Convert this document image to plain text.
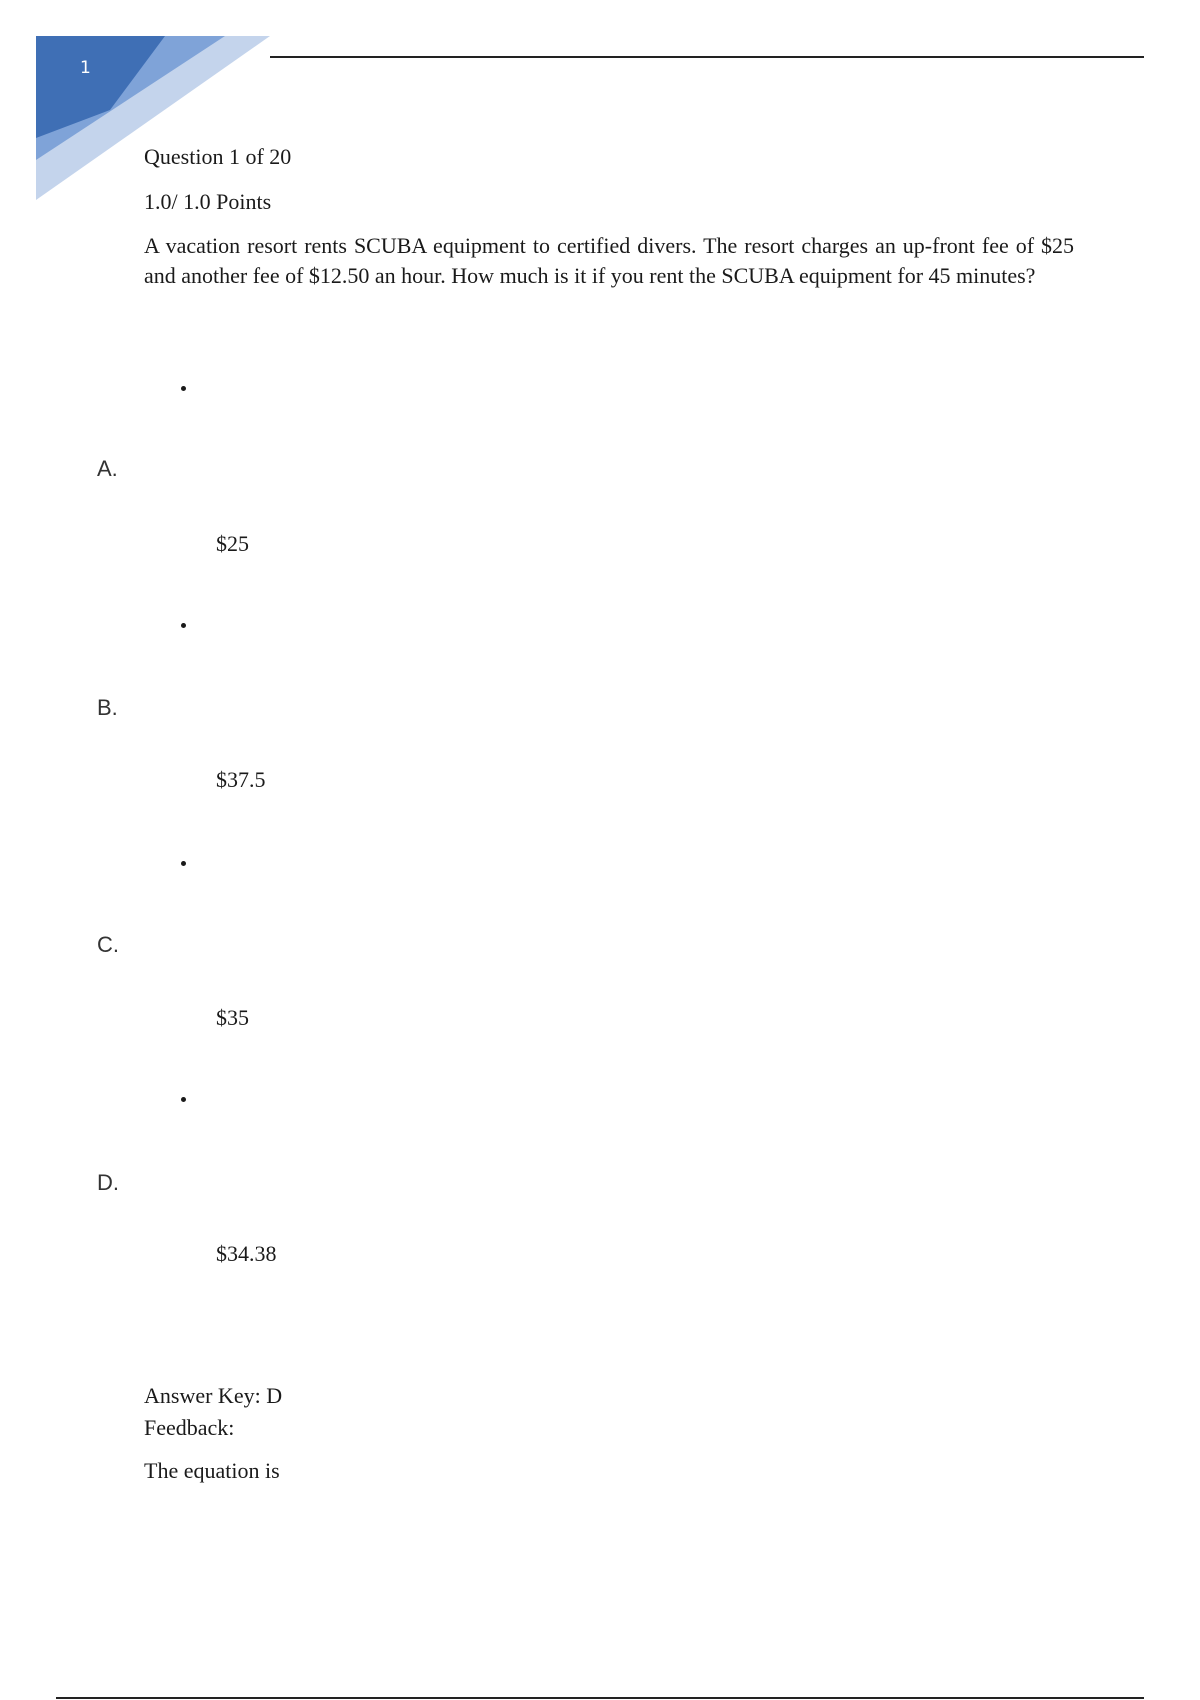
1
Question 1 of 20
1.0/ 1.0 Points
A vacation resort rents SCUBA equipment to certified divers. The resort charges an up-front fee of $25 and another fee of $12.50 an hour. How much is it if you rent the SCUBA equipment for 45 minutes?
A.
$25
B.
$37.5
C.
$35
D.
$34.38
Answer Key: D
Feedback:
The equation is
